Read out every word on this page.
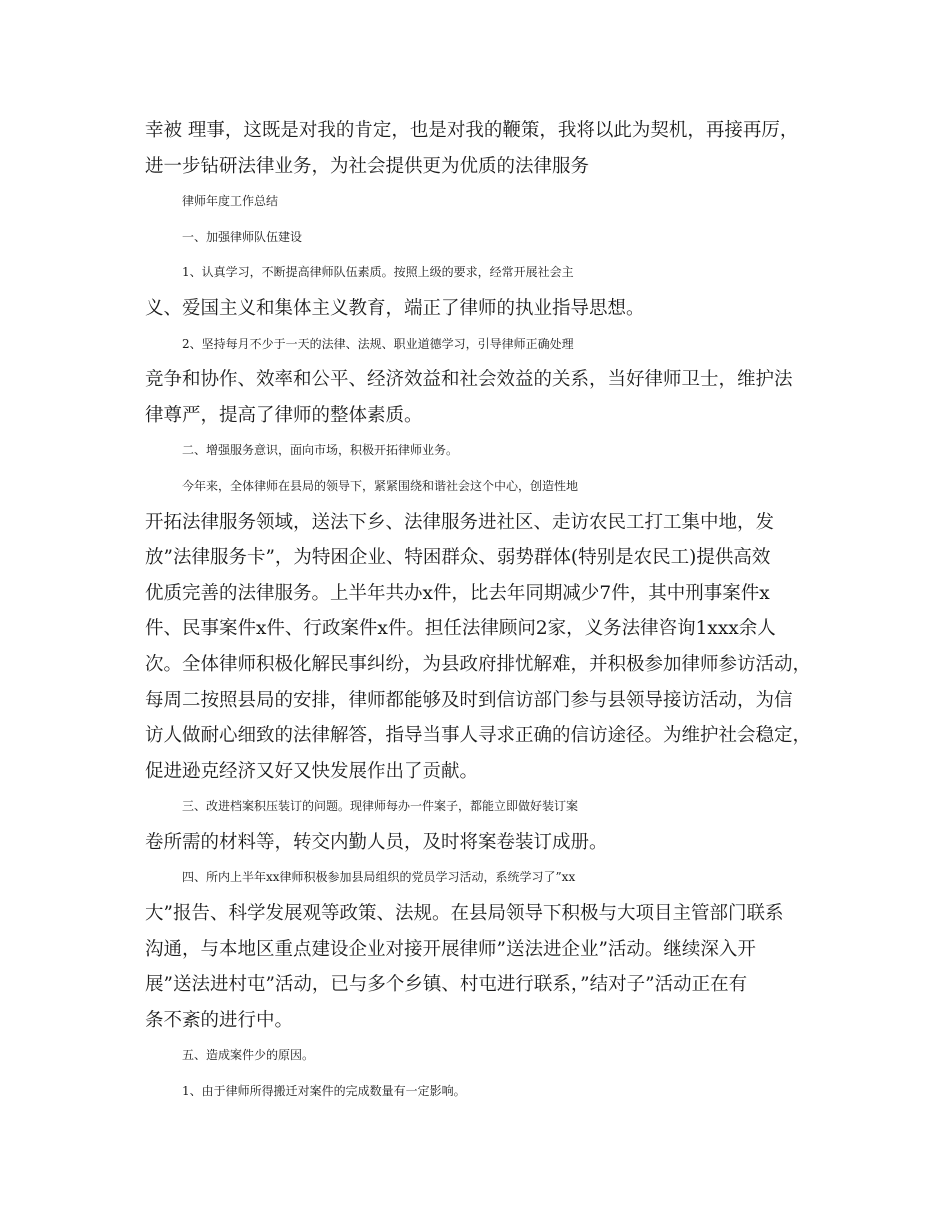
幸被 理事，这既是对我的肯定，也是对我的鞭策，我将以此为契机，再接再厉，
进一步钻研法律业务，为社会提供更为优质的法律服务
律师年度工作总结
一、加强律师队伍建设
1、认真学习，不断提高律师队伍素质。按照上级的要求，经常开展社会主
义、爱国主义和集体主义教育，端正了律师的执业指导思想。
2、坚持每月不少于一天的法律、法规、职业道德学习，引导律师正确处理
竞争和协作、效率和公平、经济效益和社会效益的关系，当好律师卫士，维护法
律尊严，提高了律师的整体素质。
二、增强服务意识，面向市场，积极开拓律师业务。
今年来，全体律师在县局的领导下，紧紧围绕和谐社会这个中心，创造性地
开拓法律服务领域，送法下乡、法律服务进社区、走访农民工打工集中地，发
放”法律服务卡”，为特困企业、特困群众、弱势群体(特别是农民工)提供高效
优质完善的法律服务。上半年共办x件，比去年同期减少7件，其中刑事案件x
件、民事案件x件、行政案件x件。担任法律顾问2家，义务法律咨询1xxx余人
次。全体律师积极化解民事纠纷，为县政府排忧解难，并积极参加律师参访活动，
每周二按照县局的安排，律师都能够及时到信访部门参与县领导接访活动，为信
访人做耐心细致的法律解答，指导当事人寻求正确的信访途径。为维护社会稳定，
促进逊克经济又好又快发展作出了贡献。
三、改进档案积压装订的问题。现律师每办一件案子，都能立即做好装订案
卷所需的材料等，转交内勤人员，及时将案卷装订成册。
四、所内上半年xx律师积极参加县局组织的党员学习活动，系统学习了”xx
大”报告、科学发展观等政策、法规。在县局领导下积极与大项目主管部门联系
沟通，与本地区重点建设企业对接开展律师”送法进企业”活动。继续深入开
展”送法进村屯”活动，已与多个乡镇、村屯进行联系，”结对子”活动正在有
条不紊的进行中。
五、造成案件少的原因。
1、由于律师所得搬迁对案件的完成数量有一定影响。
